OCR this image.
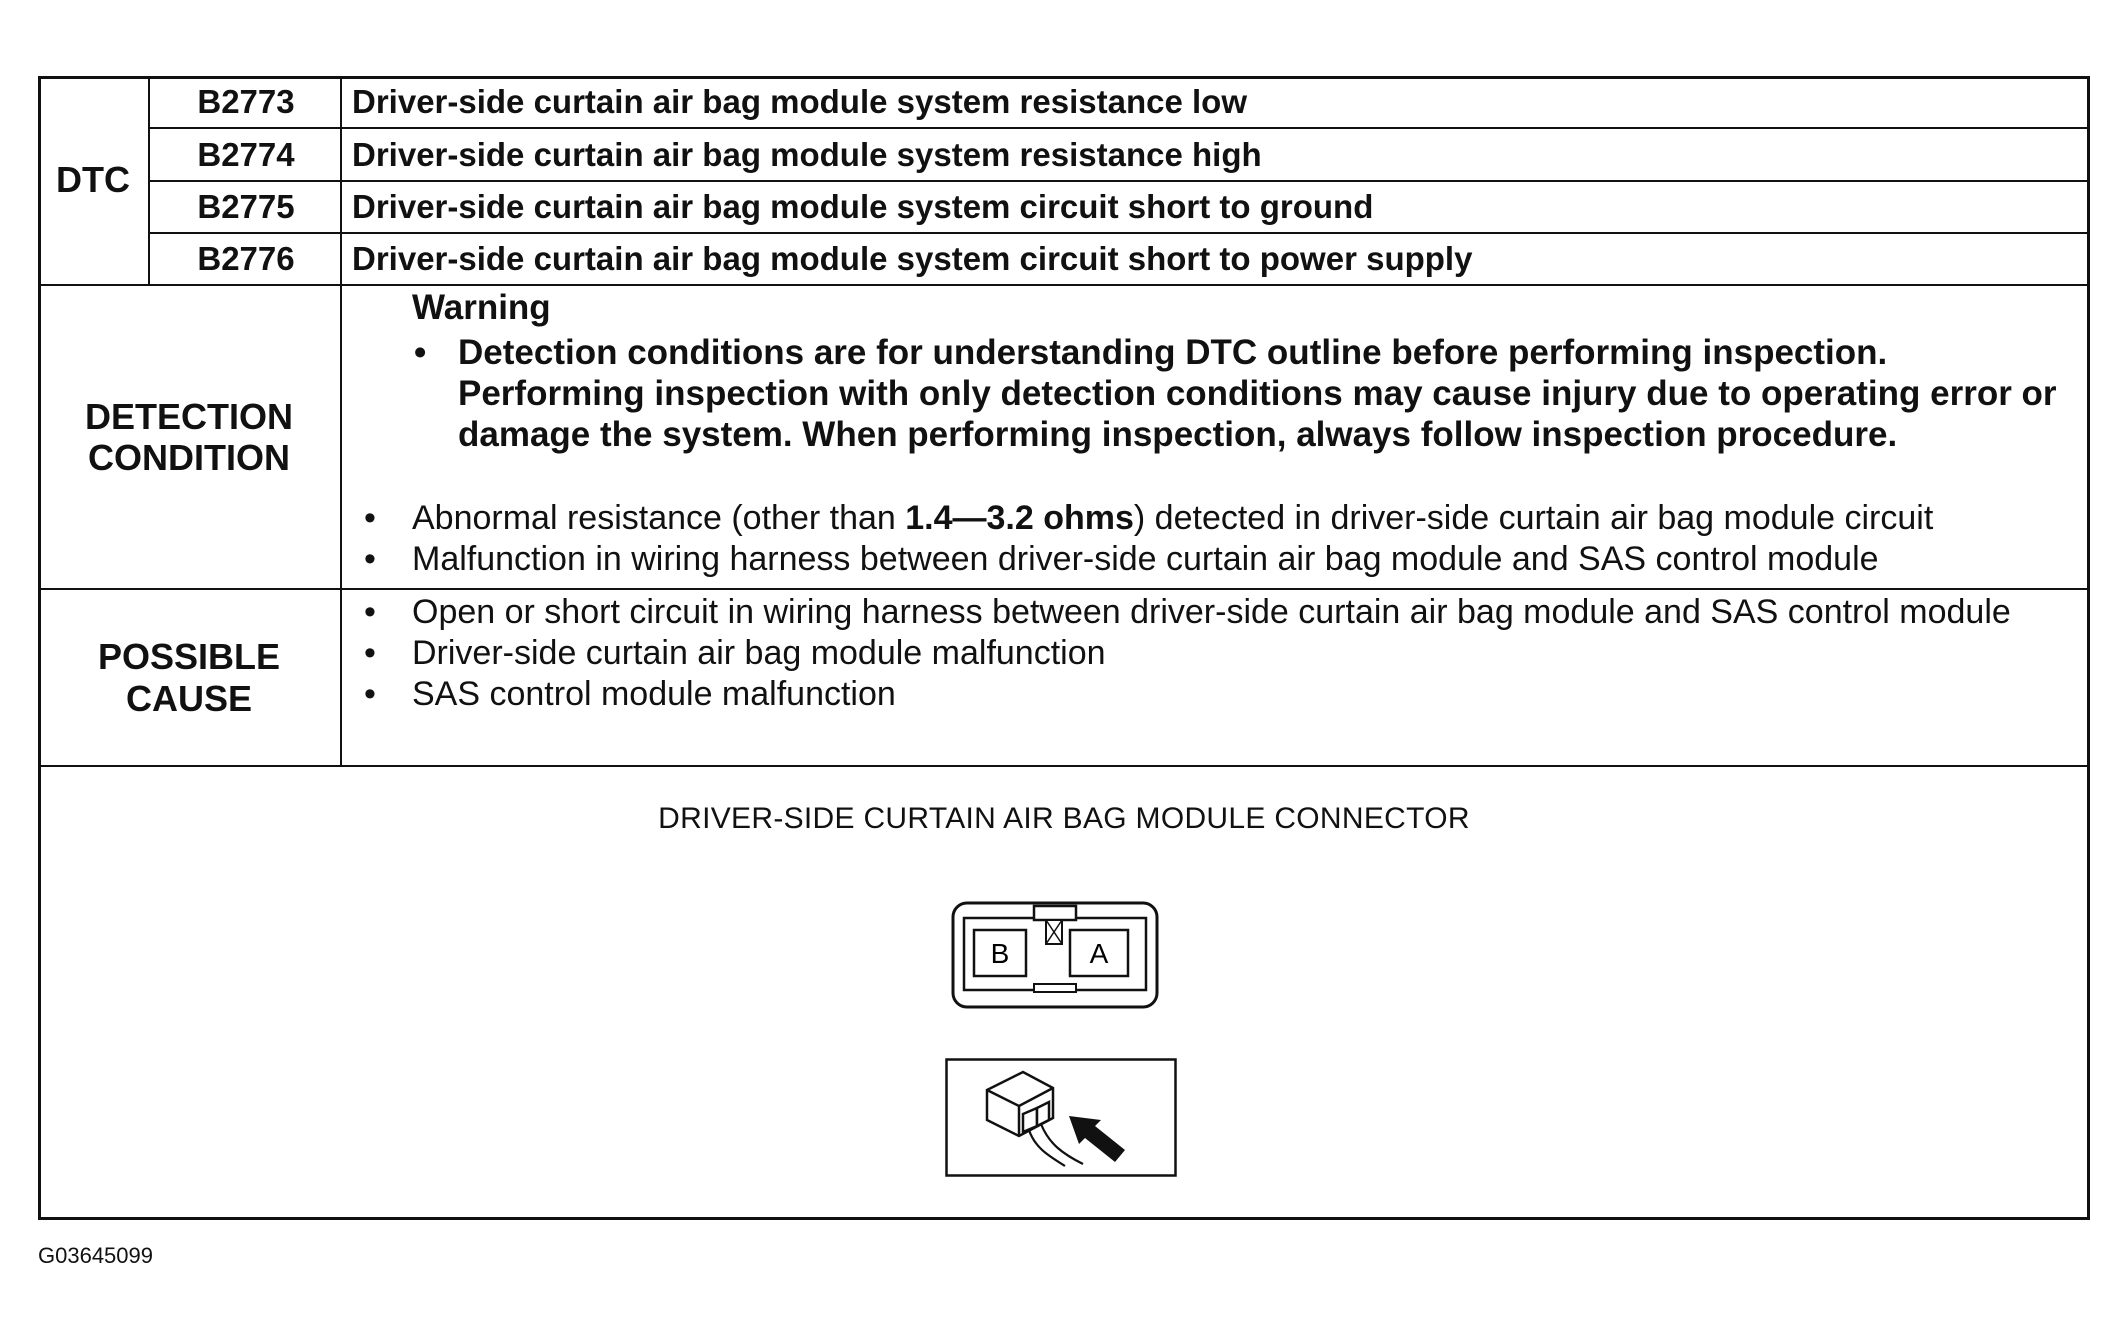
DTC
B2773	Driver-side curtain air bag module system resistance low
B2774	Driver-side curtain air bag module system resistance high
B2775	Driver-side curtain air bag module system circuit short to ground
B2776	Driver-side curtain air bag module system circuit short to power supply
DETECTION
CONDITION
Warning
• Detection conditions are for understanding DTC outline before performing inspection. Performing inspection with only detection conditions may cause injury due to operating error or damage the system. When performing inspection, always follow inspection procedure.
• Abnormal resistance (other than 1.4—3.2 ohms) detected in driver-side curtain air bag module circuit
• Malfunction in wiring harness between driver-side curtain air bag module and SAS control module
POSSIBLE
CAUSE
• Open or short circuit in wiring harness between driver-side curtain air bag module and SAS control module
• Driver-side curtain air bag module malfunction
• SAS control module malfunction
DRIVER-SIDE CURTAIN AIR BAG MODULE CONNECTOR
B	A
G03645099
